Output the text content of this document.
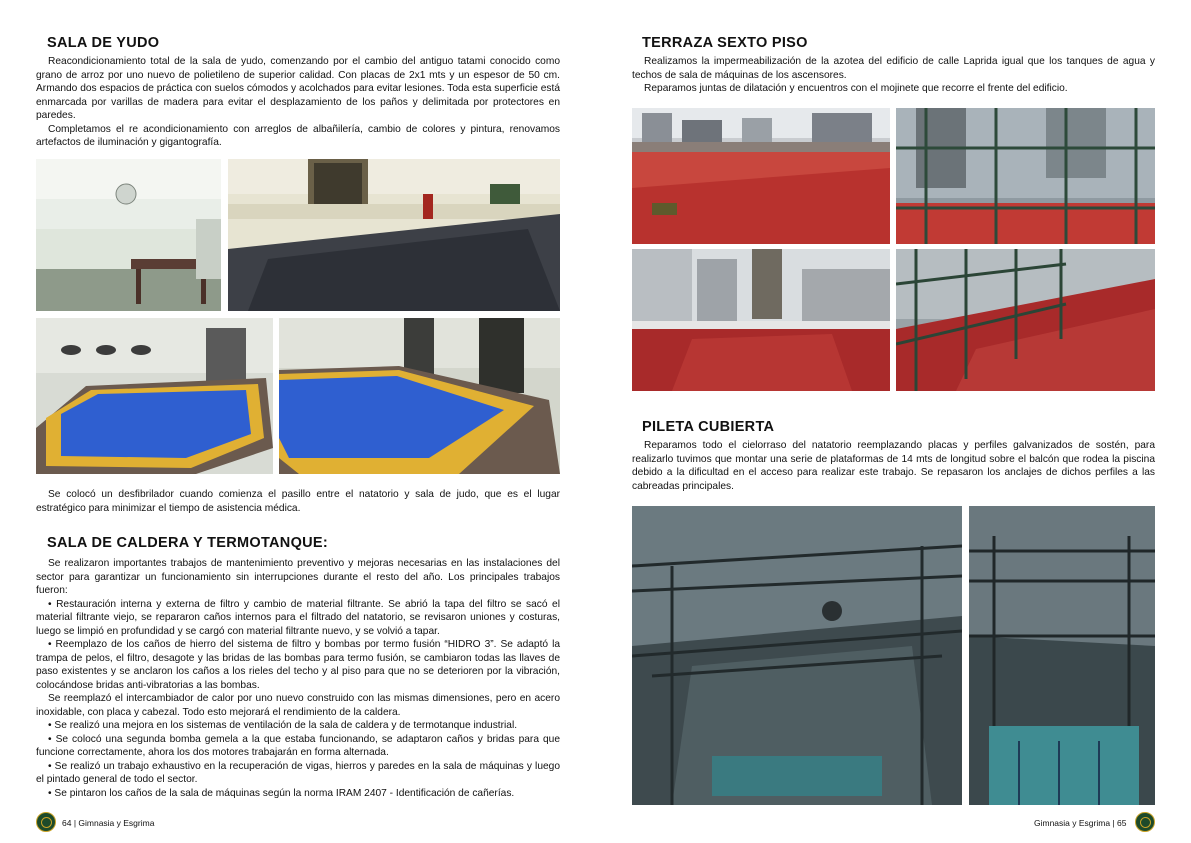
SALA DE YUDO

Reacondicionamiento total de la sala de yudo, comenzando por el cambio del antiguo tatami conocido como grano de arroz por uno nuevo de polietileno de superior calidad. Con placas de 2x1 mts y un espesor de 50 cm. Armando dos espacios de práctica con suelos cómodos y acolchados para evitar lesiones. Toda esta superficie está enmarcada por varillas de madera para evitar el desplazamiento de los paños y delimitada por protectores en paredes.

Completamos el re acondicionamiento con arreglos de albañilería, cambio de colores y pintura, renovamos artefactos de iluminación y gigantografía.

Se colocó un desfibrilador cuando comienza el pasillo entre el natatorio y sala de judo, que es el lugar estratégico para minimizar el tiempo de asistencia médica.

SALA DE CALDERA Y TERMOTANQUE:

Se realizaron importantes trabajos de mantenimiento preventivo y mejoras necesarias en las instalaciones del sector para garantizar un funcionamiento sin interrupciones durante el resto del año. Los principales trabajos fueron:

• Restauración interna y externa de filtro y cambio de material filtrante. Se abrió la tapa del filtro se sacó el material filtrante viejo, se repararon caños internos para el filtrado del natatorio, se revisaron uniones y costuras, luego se limpió en profundidad y se cargó con material filtrante nuevo, y se volvió a tapar.

• Reemplazo de los caños de hierro del sistema de filtro y bombas por termo fusión “HIDRO 3”. Se adaptó la trampa de pelos, el filtro, desagote y las bridas de las bombas para termo fusión, se cambiaron todas las llaves de paso existentes y se anclaron los caños a los rieles del techo y al piso para que no se deterioren por la vibración, colocándose bridas anti-vibratorias a las bombas.

Se reemplazó el intercambiador de calor por uno nuevo construido con las mismas dimensiones, pero en acero inoxidable, con placa y cabezal. Todo esto mejorará el rendimiento de la caldera.

• Se realizó una mejora en los sistemas de ventilación de la sala de caldera y de termotanque industrial.

• Se colocó una segunda bomba gemela a la que estaba funcionando, se adaptaron caños y bridas para que funcione correctamente, ahora los dos motores trabajarán en forma alternada.

• Se realizó un trabajo exhaustivo en la recuperación de vigas, hierros y paredes en la sala de máquinas y luego el pintado general de todo el sector.

• Se pintaron los caños de la sala de máquinas según la norma IRAM 2407 - Identificación de cañerías.

64 | Gimnasia y Esgrima
TERRAZA SEXTO PISO

Realizamos la impermeabilización de la azotea del edificio de calle Laprida igual que los tanques de agua y techos de sala de máquinas de los ascensores.

Reparamos juntas de dilatación y encuentros con el mojinete que recorre el frente del edificio.

PILETA CUBIERTA

Reparamos todo el cielorraso del natatorio reemplazando placas y perfiles galvanizados de sostén, para realizarlo tuvimos que montar una serie de plataformas de 14 mts de longitud sobre el balcón que rodea la piscina debido a la dificultad en el acceso para realizar este trabajo. Se repasaron los anclajes de dichos perfiles a las cabreadas principales.

Gimnasia y Esgrima | 65
